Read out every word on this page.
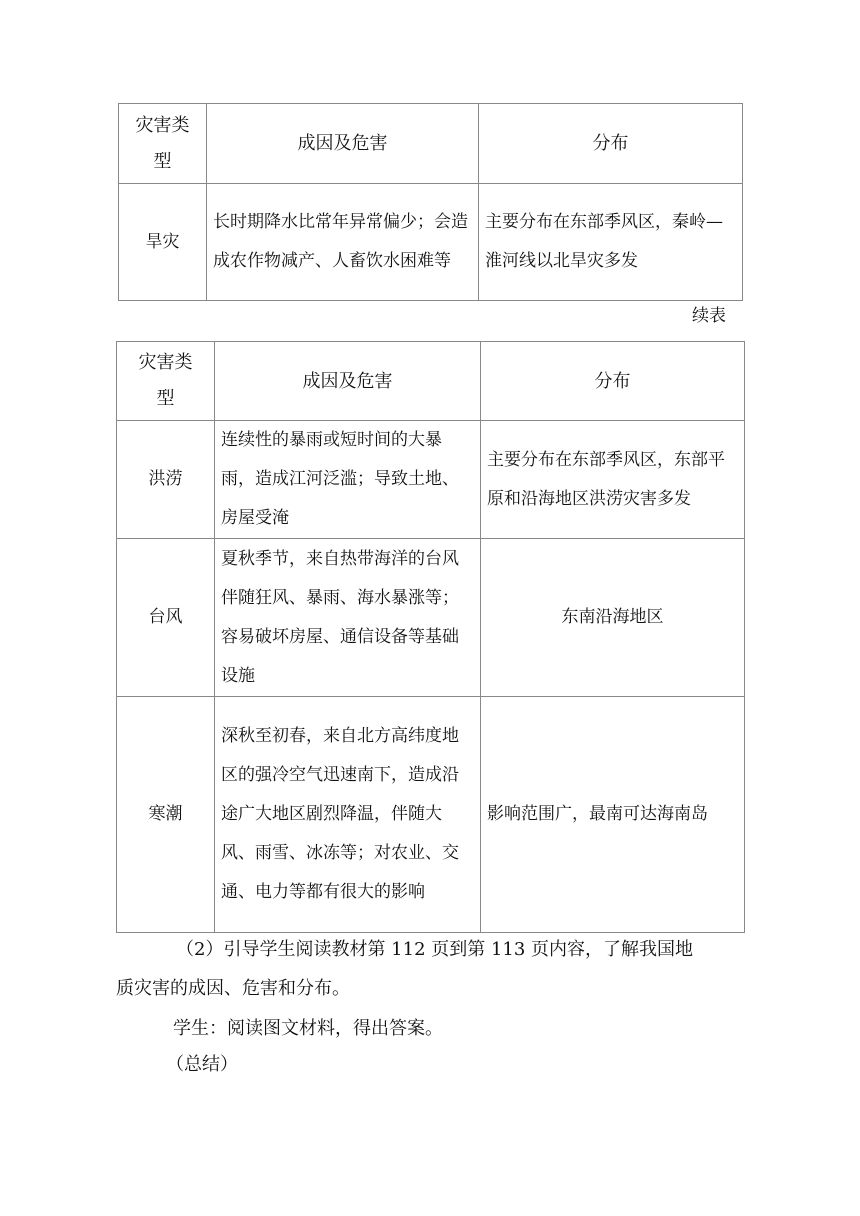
灾害类型	成因及危害	分布
旱灾	长时期降水比常年异常偏少；会造成农作物减产、人畜饮水困难等	主要分布在东部季风区，秦岭—淮河线以北旱灾多发
续表
灾害类型	成因及危害	分布
洪涝	连续性的暴雨或短时间的大暴雨，造成江河泛滥；导致土地、房屋受淹	主要分布在东部季风区，东部平原和沿海地区洪涝灾害多发
台风	夏秋季节，来自热带海洋的台风伴随狂风、暴雨、海水暴涨等；容易破坏房屋、通信设备等基础设施	东南沿海地区
寒潮	深秋至初春，来自北方高纬度地区的强冷空气迅速南下，造成沿途广大地区剧烈降温，伴随大风、雨雪、冰冻等；对农业、交通、电力等都有很大的影响	影响范围广，最南可达海南岛
（2）引导学生阅读教材第 112 页到第 113 页内容，了解我国地
质灾害的成因、危害和分布。
学生：阅读图文材料，得出答案。
（总结）
